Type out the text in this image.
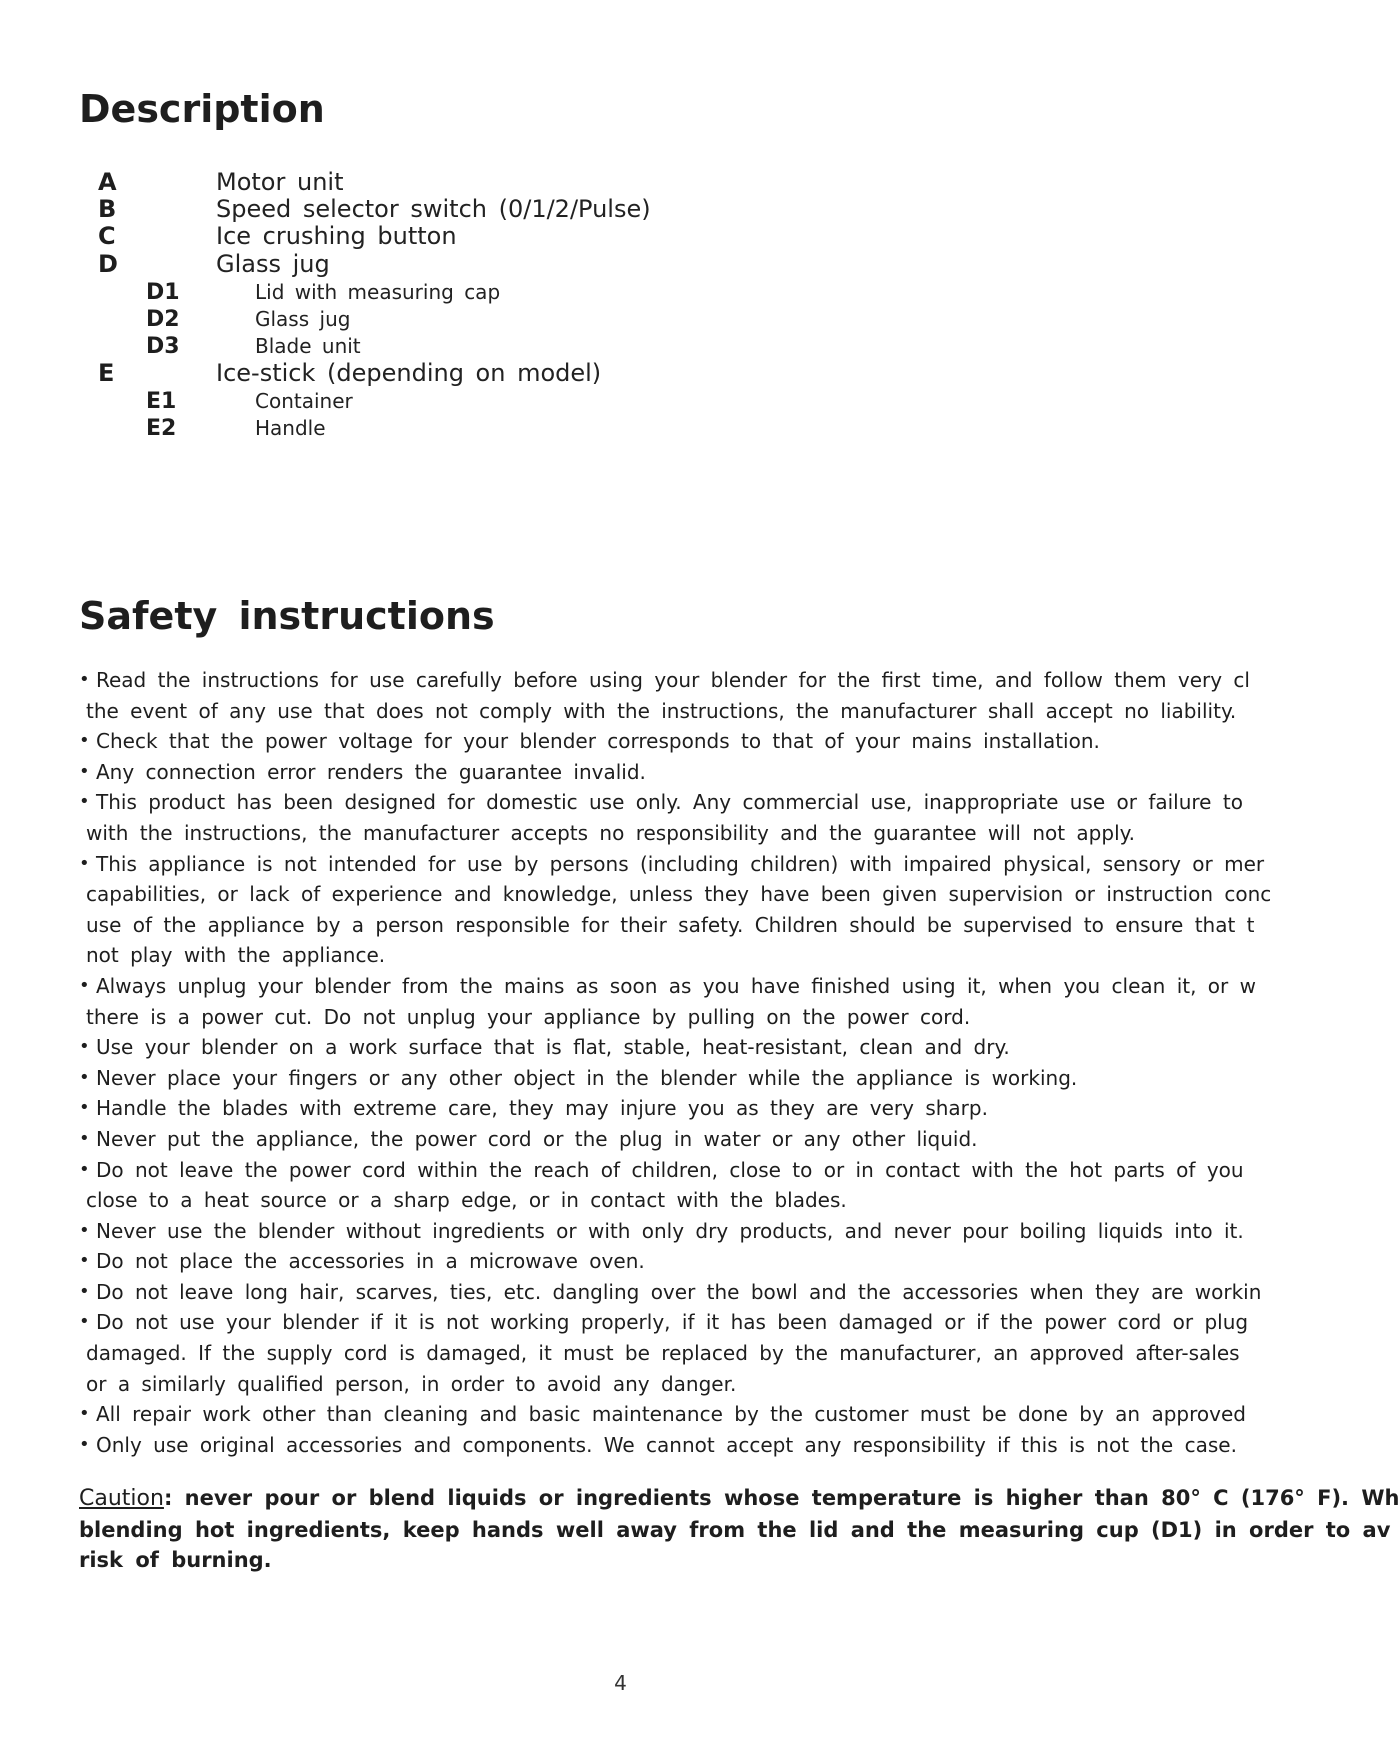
Description
A	Motor unit
B	Speed selector switch (0/1/2/Pulse)
C	Ice crushing button
D	Glass jug
D1	Lid with measuring cap
D2	Glass jug
D3	Blade unit
E	Ice-stick (depending on model)
E1	Container
E2	Handle
Safety instructions
• Read the instructions for use carefully before using your blender for the first time, and follow them very cl
the event of any use that does not comply with the instructions, the manufacturer shall accept no liability.
• Check that the power voltage for your blender corresponds to that of your mains installation.
• Any connection error renders the guarantee invalid.
• This product has been designed for domestic use only. Any commercial use, inappropriate use or failure to
with the instructions, the manufacturer accepts no responsibility and the guarantee will not apply.
• This appliance is not intended for use by persons (including children) with impaired physical, sensory or mer
capabilities, or lack of experience and knowledge, unless they have been given supervision or instruction conc
use of the appliance by a person responsible for their safety. Children should be supervised to ensure that t
not play with the appliance.
• Always unplug your blender from the mains as soon as you have finished using it, when you clean it, or w
there is a power cut. Do not unplug your appliance by pulling on the power cord.
• Use your blender on a work surface that is flat, stable, heat-resistant, clean and dry.
• Never place your fingers or any other object in the blender while the appliance is working.
• Handle the blades with extreme care, they may injure you as they are very sharp.
• Never put the appliance, the power cord or the plug in water or any other liquid.
• Do not leave the power cord within the reach of children, close to or in contact with the hot parts of you
close to a heat source or a sharp edge, or in contact with the blades.
• Never use the blender without ingredients or with only dry products, and never pour boiling liquids into it.
• Do not place the accessories in a microwave oven.
• Do not leave long hair, scarves, ties, etc. dangling over the bowl and the accessories when they are workin
• Do not use your blender if it is not working properly, if it has been damaged or if the power cord or plug
damaged. If the supply cord is damaged, it must be replaced by the manufacturer, an approved after-sales
or a similarly qualified person, in order to avoid any danger.
• All repair work other than cleaning and basic maintenance by the customer must be done by an approved
• Only use original accessories and components. We cannot accept any responsibility if this is not the case.
Caution: never pour or blend liquids or ingredients whose temperature is higher than 80° C (176° F). Wh
blending hot ingredients, keep hands well away from the lid and the measuring cup (D1) in order to av
risk of burning.
4
